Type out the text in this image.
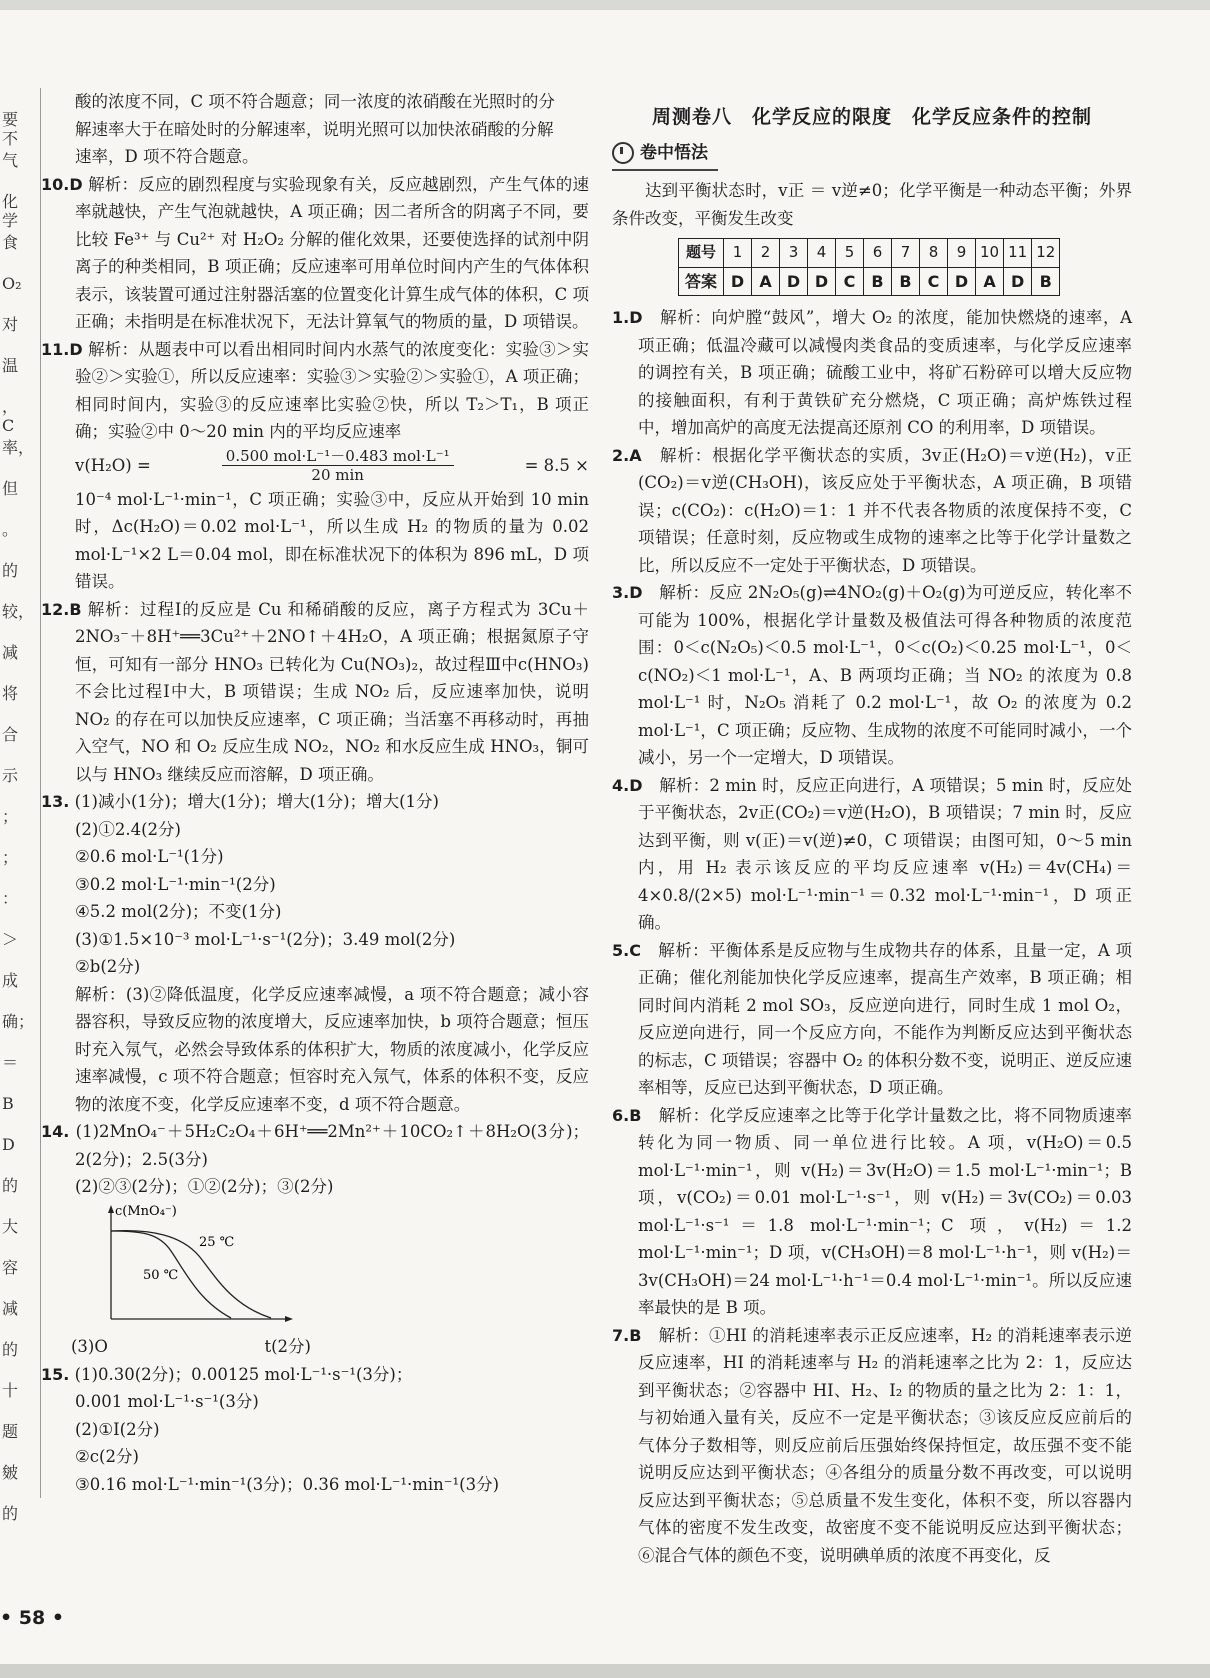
要不
气
化学
食
O₂
对
温
，C
率，
但
。
的
较，
减
将
合
示
；
；
：
＞
成
确；
＝
B
D
的
大
容
减
的
十
题
皴
的

酸的浓度不同，C 项不符合题意；同一浓度的浓硝酸在光照时的分

解速率大于在暗处时的分解速率，说明光照可以加快浓硝酸的分解

速率，D 项不符合题意。

10.D 解析：反应的剧烈程度与实验现象有关，反应越剧烈，产生气体的速率就越快，产生气泡就越快，A 项正确；因二者所含的阴离子不同，要比较 Fe³⁺ 与 Cu²⁺ 对 H₂O₂ 分解的催化效果，还要使选择的试剂中阴离子的种类相同，B 项正确；反应速率可用单位时间内产生的气体体积表示，该装置可通过注射器活塞的位置变化计算生成气体的体积，C 项正确；未指明是在标准状况下，无法计算氧气的物质的量，D 项错误。

11.D 解析：从题表中可以看出相同时间内水蒸气的浓度变化：实验③＞实验②＞实验①，所以反应速率：实验③＞实验②＞实验①，A 项正确；相同时间内，实验③的反应速率比实验②快，所以 T₂＞T₁，B 项正确；实验②中 0～20 min 内的平均反应速率

v(H₂O) =	$\frac{\text{0.500 mol·L⁻¹－0.483 mol·L⁻¹}}{20 \min}$	= 8.5 ×

10⁻⁴ mol·L⁻¹·min⁻¹，C 项正确；实验③中，反应从开始到 10 min 时，Δc(H₂O)＝0.02 mol·L⁻¹，所以生成 H₂ 的物质的量为 0.02 mol·L⁻¹×2 L＝0.04 mol，即在标准状况下的体积为 896 mL，D 项错误。

12.B 解析：过程Ⅰ的反应是 Cu 和稀硝酸的反应，离子方程式为 3Cu＋2NO₃⁻＋8H⁺══3Cu²⁺＋2NO↑＋4H₂O，A 项正确；根据氮原子守恒，可知有一部分 HNO₃ 已转化为 Cu(NO₃)₂，故过程Ⅲ中c(HNO₃)不会比过程Ⅰ中大，B 项错误；生成 NO₂ 后，反应速率加快，说明 NO₂ 的存在可以加快反应速率，C 项正确；当活塞不再移动时，再抽入空气，NO 和 O₂ 反应生成 NO₂，NO₂ 和水反应生成 HNO₃，铜可以与 HNO₃ 继续反应而溶解，D 项正确。

13. (1)减小(1分)；增大(1分)；增大(1分)；增大(1分)

(2)①2.4(2分)

②0.6 mol·L⁻¹(1分)

③0.2 mol·L⁻¹·min⁻¹(2分)

④5.2 mol(2分)；不变(1分)

(3)①1.5×10⁻³ mol·L⁻¹·s⁻¹(2分)；3.49 mol(2分)

②b(2分)

解析：(3)②降低温度，化学反应速率减慢，a 项不符合题意；减小容器容积，导致反应物的浓度增大，反应速率加快，b 项符合题意；恒压时充入氖气，必然会导致体系的体积扩大，物质的浓度减小，化学反应速率减慢，c 项不符合题意；恒容时充入氖气，体系的体积不变，反应物的浓度不变，化学反应速率不变，d 项不符合题意。

14. (1)2MnO₄⁻＋5H₂C₂O₄＋6H⁺══2Mn²⁺＋10CO₂↑＋8H₂O(3分)；2(2分)；2.5(3分)

(2)②③(2分)；①②(2分)；③(2分)

c(MnO₄⁻)
25 ℃
50 ℃
(3)O	t(2分)

15. (1)0.30(2分)；0.00125 mol·L⁻¹·s⁻¹(3分)；

0.001 mol·L⁻¹·s⁻¹(3分)

(2)①Ⅰ(2分)

②c(2分)

③0.16 mol·L⁻¹·min⁻¹(3分)；0.36 mol·L⁻¹·min⁻¹(3分)

周测卷八　化学反应的限度　化学反应条件的控制
卷中悟法

达到平衡状态时，v正 ＝ v逆≠0；化学平衡是一种动态平衡；外界条件改变，平衡发生改变

题号	1	2	3	4	5	6	7	8	9	10	11	12
答案	D	A	D	D	C	B	B	C	D	A	D	B

1.D　 解析：向炉膛“鼓风”，增大 O₂ 的浓度，能加快燃烧的速率，A 项正确；低温冷藏可以减慢肉类食品的变质速率，与化学反应速率的调控有关，B 项正确；硫酸工业中，将矿石粉碎可以增大反应物的接触面积，有利于黄铁矿充分燃烧，C 项正确；高炉炼铁过程中，增加高炉的高度无法提高还原剂 CO 的利用率，D 项错误。

2.A　 解析：根据化学平衡状态的实质，3v正(H₂O)＝v逆(H₂)，v正(CO₂)＝v逆(CH₃OH)，该反应处于平衡状态，A 项正确，B 项错误；c(CO₂)：c(H₂O)＝1：1 并不代表各物质的浓度保持不变，C 项错误；任意时刻，反应物或生成物的速率之比等于化学计量数之比，所以反应不一定处于平衡状态，D 项错误。

3.D　 解析：反应 2N₂O₅(g)⇌4NO₂(g)＋O₂(g)为可逆反应，转化率不可能为 100%，根据化学计量数及极值法可得各种物质的浓度范围：0＜c(N₂O₅)＜0.5 mol·L⁻¹，0＜c(O₂)＜0.25 mol·L⁻¹，0＜c(NO₂)＜1 mol·L⁻¹，A、B 两项均正确；当 NO₂ 的浓度为 0.8 mol·L⁻¹ 时，N₂O₅ 消耗了 0.2 mol·L⁻¹，故 O₂ 的浓度为 0.2 mol·L⁻¹，C 项正确；反应物、生成物的浓度不可能同时减小，一个减小，另一个一定增大，D 项错误。

4.D　 解析：2 min 时，反应正向进行，A 项错误；5 min 时，反应处于平衡状态，2v正(CO₂)＝v逆(H₂O)，B 项错误；7 min 时，反应达到平衡，则 v(正)＝v(逆)≠0，C 项错误；由图可知，0～5 min 内，用 H₂ 表示该反应的平均反应速率 v(H₂)＝4v(CH₄)＝4×0.8/(2×5) mol·L⁻¹·min⁻¹＝0.32 mol·L⁻¹·min⁻¹，D 项正确。

5.C　 解析：平衡体系是反应物与生成物共存的体系，且量一定，A 项正确；催化剂能加快化学反应速率，提高生产效率，B 项正确；相同时间内消耗 2 mol SO₃，反应逆向进行，同时生成 1 mol O₂，反应逆向进行，同一个反应方向，不能作为判断反应达到平衡状态的标志，C 项错误；容器中 O₂ 的体积分数不变，说明正、逆反应速率相等，反应已达到平衡状态，D 项正确。

6.B　 解析：化学反应速率之比等于化学计量数之比，将不同物质速率转化为同一物质、同一单位进行比较。A 项，v(H₂O)＝0.5 mol·L⁻¹·min⁻¹，则 v(H₂)＝3v(H₂O)＝1.5 mol·L⁻¹·min⁻¹；B 项，v(CO₂)＝0.01 mol·L⁻¹·s⁻¹，则 v(H₂)＝3v(CO₂)＝0.03 mol·L⁻¹·s⁻¹＝1.8 mol·L⁻¹·min⁻¹；C 项，v(H₂)＝1.2 mol·L⁻¹·min⁻¹；D 项，v(CH₃OH)＝8 mol·L⁻¹·h⁻¹，则 v(H₂)＝3v(CH₃OH)＝24 mol·L⁻¹·h⁻¹＝0.4 mol·L⁻¹·min⁻¹。所以反应速率最快的是 B 项。

7.B　 解析：①HI 的消耗速率表示正反应速率，H₂ 的消耗速率表示逆反应速率，HI 的消耗速率与 H₂ 的消耗速率之比为 2：1，反应达到平衡状态；②容器中 HI、H₂、I₂ 的物质的量之比为 2：1：1，与初始通入量有关，反应不一定是平衡状态；③该反应反应前后的气体分子数相等，则反应前后压强始终保持恒定，故压强不变不能说明反应达到平衡状态；④各组分的质量分数不再改变，可以说明反应达到平衡状态；⑤总质量不发生变化，体积不变，所以容器内气体的密度不发生改变，故密度不变不能说明反应达到平衡状态；⑥混合气体的颜色不变，说明碘单质的浓度不再变化，反

• 58 •
